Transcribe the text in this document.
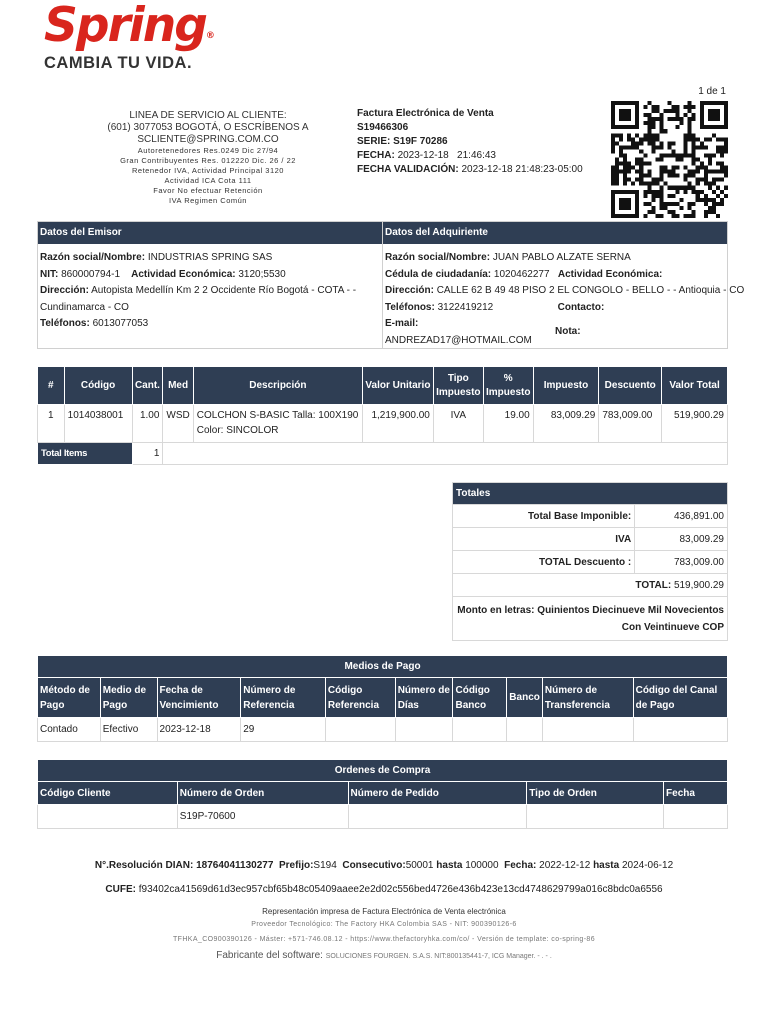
Spring®
CAMBIA TU VIDA.
1 de 1
LINEA DE SERVICIO AL CLIENTE:
(601) 3077053 BOGOTÁ, O ESCRÍBENOS A
SCLIENTE@SPRING.COM.CO
Autoretenedores Res.0249 Dic 27/94
Gran Contribuyentes Res. 012220 Dic. 26 / 22
Retenedor IVA, Actividad Principal 3120
Actividad ICA Cota 111
Favor No efectuar Retención
IVA Regimen Común
Factura Electrónica de Venta
S19466306
SERIE: S19F 70286
FECHA: 2023-12-18   21:46:43
FECHA VALIDACIÓN: 2023-12-18 21:48:23-05:00
Datos del Emisor
Razón social/Nombre: INDUSTRIAS SPRING SAS
NIT: 860000794-1 Actividad Económica: 3120;5530
Dirección: Autopista Medellín Km 2 2 Occidente Río Bogotá - COTA - -
Cundinamarca - CO
Teléfonos: 6013077053
Datos del Adquiriente
Razón social/Nombre: JUAN PABLO ALZATE SERNA
Cédula de ciudadanía: 1020462277 Actividad Económica:
Dirección: CALLE 62 B 49 48 PISO 2 EL CONGOLO - BELLO - - Antioquia - CO
Teléfonos: 3122419212	Contacto:
E-mail:
ANDREZAD17@HOTMAIL.COM
Nota:
#	Código	Cant.	Med	Descripción	Valor Unitario	Tipo Impuesto	% Impuesto	Impuesto	Descuento	Valor Total
1	1014038001	1.00	WSD	COLCHON S-BASIC Talla: 100X190
Color: SINCOLOR	1,219,900.00	IVA	19.00	83,009.29	783,009.00	519,900.29
Total Items		1								
Totales	
Total Base Imponible:	436,891.00
IVA	83,009.29
TOTAL Descuento :	783,009.00
TOTAL: 519,900.29	

Monto en letras: Quinientos Diecinueve Mil Novecientos
Con Veintinueve COP	
Medios de Pago									
Método de Pago	Medio de Pago	Fecha de Vencimiento	Número de Referencia	Código Referencia	Número de Días	Código Banco	Banco	Número de Transferencia	Código del Canal de Pago
Contado	Efectivo	2023-12-18	29						
Ordenes de Compra				
Código Cliente	Número de Orden	Número de Pedido	Tipo de Orden	Fecha
	S19P-70600			
N°.Resolución DIAN: 18764041130277 Prefijo:S194 Consecutivo:50001 hasta 100000 Fecha: 2022-12-12 hasta 2024-06-12
CUFE: f93402ca41569d61d3ec957cbf65b48c05409aaee2e2d02c556bed4726e436b423e13cd4748629799a016c8bdc0a6556
Representación impresa de Factura Electrónica de Venta electrónica
Proveedor Tecnológico: The Factory HKA Colombia SAS - NIT: 900390126-6
TFHKA_CO900390126 - Máster: +571-746.08.12 - https://www.thefactoryhka.com/co/ - Versión de template: co-spring-86
Fabricante del software: SOLUCIONES FOURGEN. S.A.S. NIT:800135441-7, ICG Manager. - . - .
